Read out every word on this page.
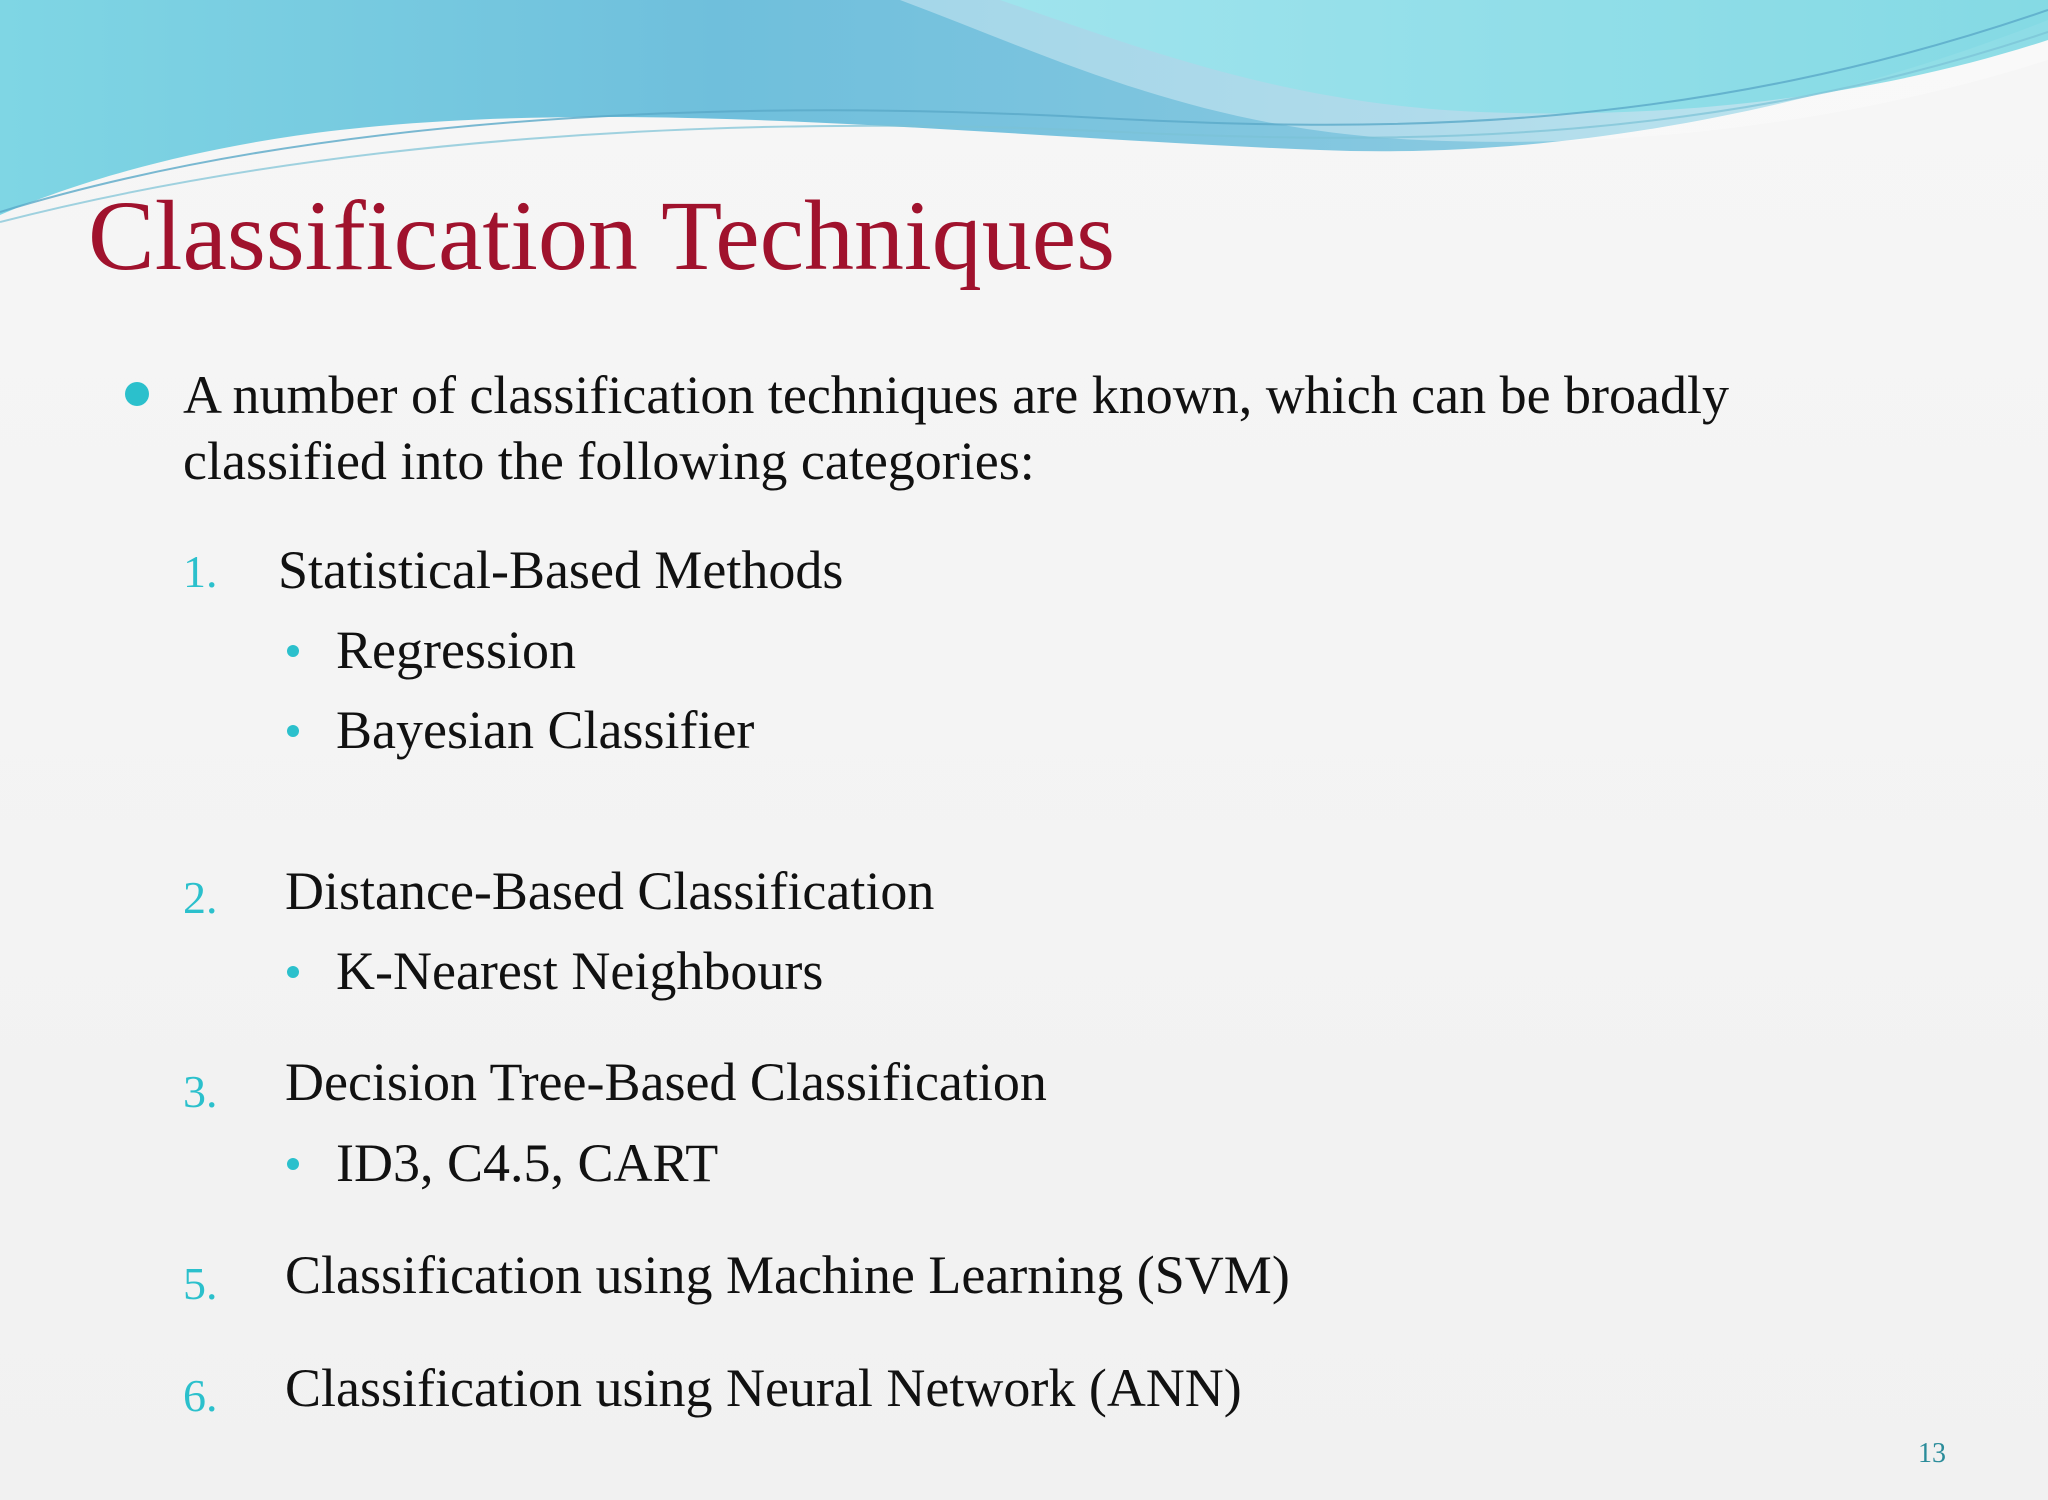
Classification Techniques
A number of classification techniques are known, which can be broadly classified into the following categories:
1. Statistical-Based Methods
Regression
Bayesian Classifier
2. Distance-Based Classification
K-Nearest Neighbours
3. Decision Tree-Based Classification
ID3, C4.5, CART
5. Classification using Machine Learning (SVM)
6. Classification using Neural Network (ANN)
13
